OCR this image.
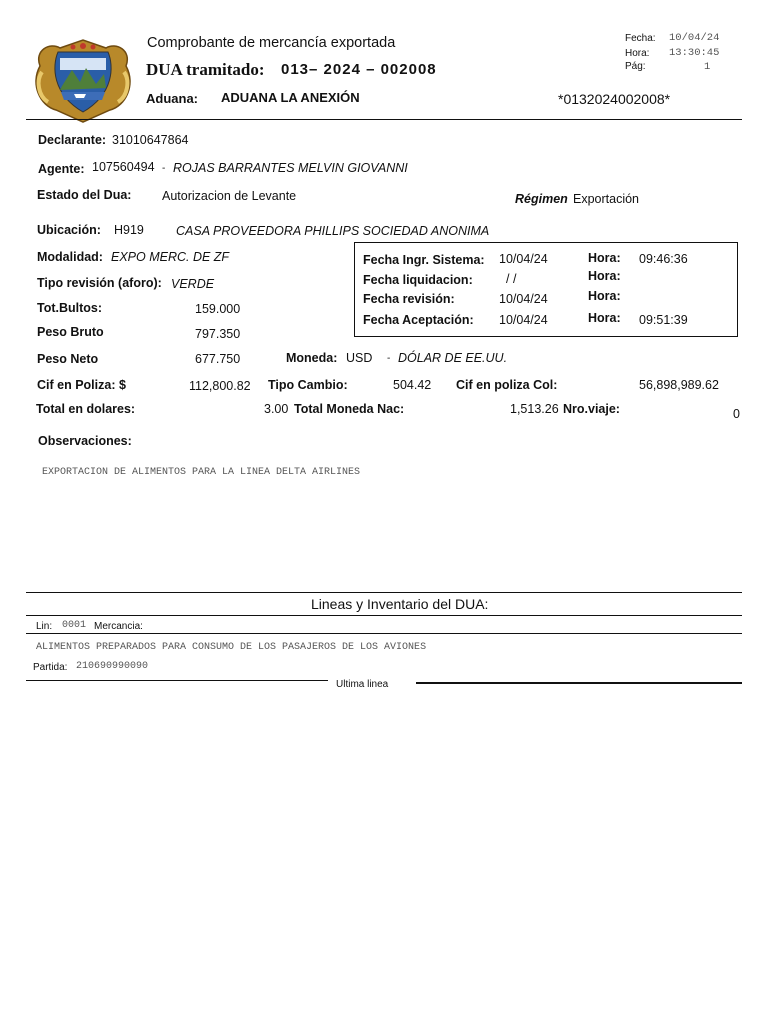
Comprobante de mercancía exportada
DUA tramitado: 013– 2024 – 002008
Aduana: ADUANA LA ANEXIÓN	*0132024002008*
Fecha: 10/04/24
Hora: 13:30:45
Pág:	1
Declarante: 31010647864
Agente: 107560494 - ROJAS BARRANTES MELVIN GIOVANNI
Estado del Dua: Autorizacion de Levante	Régimen Exportación
Ubicación: H919	CASA PROVEEDORA PHILLIPS SOCIEDAD ANONIMA
Modalidad: EXPO MERC. DE ZF
Tipo revisión (aforo): VERDE
Tot.Bultos:	159.000
Peso Bruto	797.350
Peso Neto	677.750	Moneda: USD - DÓLAR DE EE.UU.
Fecha Ingr. Sistema: 10/04/24	Hora: 09:46:36
Fecha liquidacion:	/ /	Hora:
Fecha revisión:	10/04/24	Hora:
Fecha Aceptación: 10/04/24	Hora: 09:51:39
Cif en Poliza: $	112,800.82 Tipo Cambio:	504.42 Cif en poliza Col:	56,898,989.62
Total en dolares:	3.00 Total Moneda Nac:	1,513.26 Nro.viaje:	0
Observaciones:
EXPORTACION DE ALIMENTOS PARA LA LINEA DELTA AIRLINES
Lineas y Inventario del DUA:
Lin: 0001 Mercancia:
ALIMENTOS PREPARADOS PARA CONSUMO DE LOS PASAJEROS DE LOS AVIONES
Partida: 210690990090
Ultima linea
